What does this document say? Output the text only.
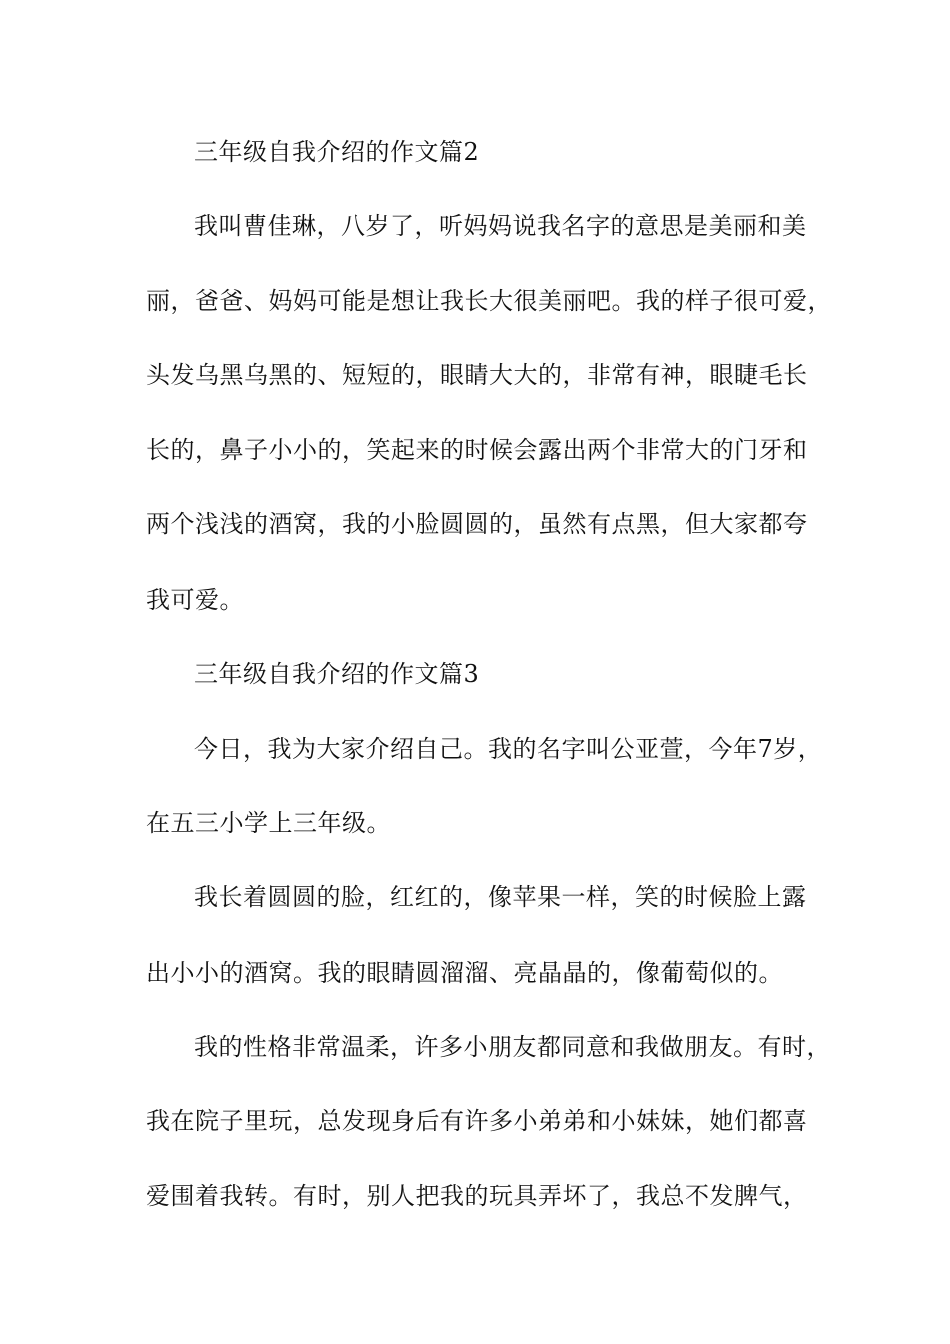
三年级自我介绍的作文篇2
我叫曹佳琳，八岁了，听妈妈说我名字的意思是美丽和美
丽，爸爸、妈妈可能是想让我长大很美丽吧。我的样子很可爱，
头发乌黑乌黑的、短短的，眼睛大大的，非常有神，眼睫毛长
长的，鼻子小小的，笑起来的时候会露出两个非常大的门牙和
两个浅浅的酒窝，我的小脸圆圆的，虽然有点黑，但大家都夸
我可爱。
三年级自我介绍的作文篇3
今日，我为大家介绍自己。我的名字叫公亚萱，今年7岁，
在五三小学上三年级。
我长着圆圆的脸，红红的，像苹果一样，笑的时候脸上露
出小小的酒窝。我的眼睛圆溜溜、亮晶晶的，像葡萄似的。
我的性格非常温柔，许多小朋友都同意和我做朋友。有时，
我在院子里玩，总发现身后有许多小弟弟和小妹妹，她们都喜
爱围着我转。有时，别人把我的玩具弄坏了，我总不发脾气，
